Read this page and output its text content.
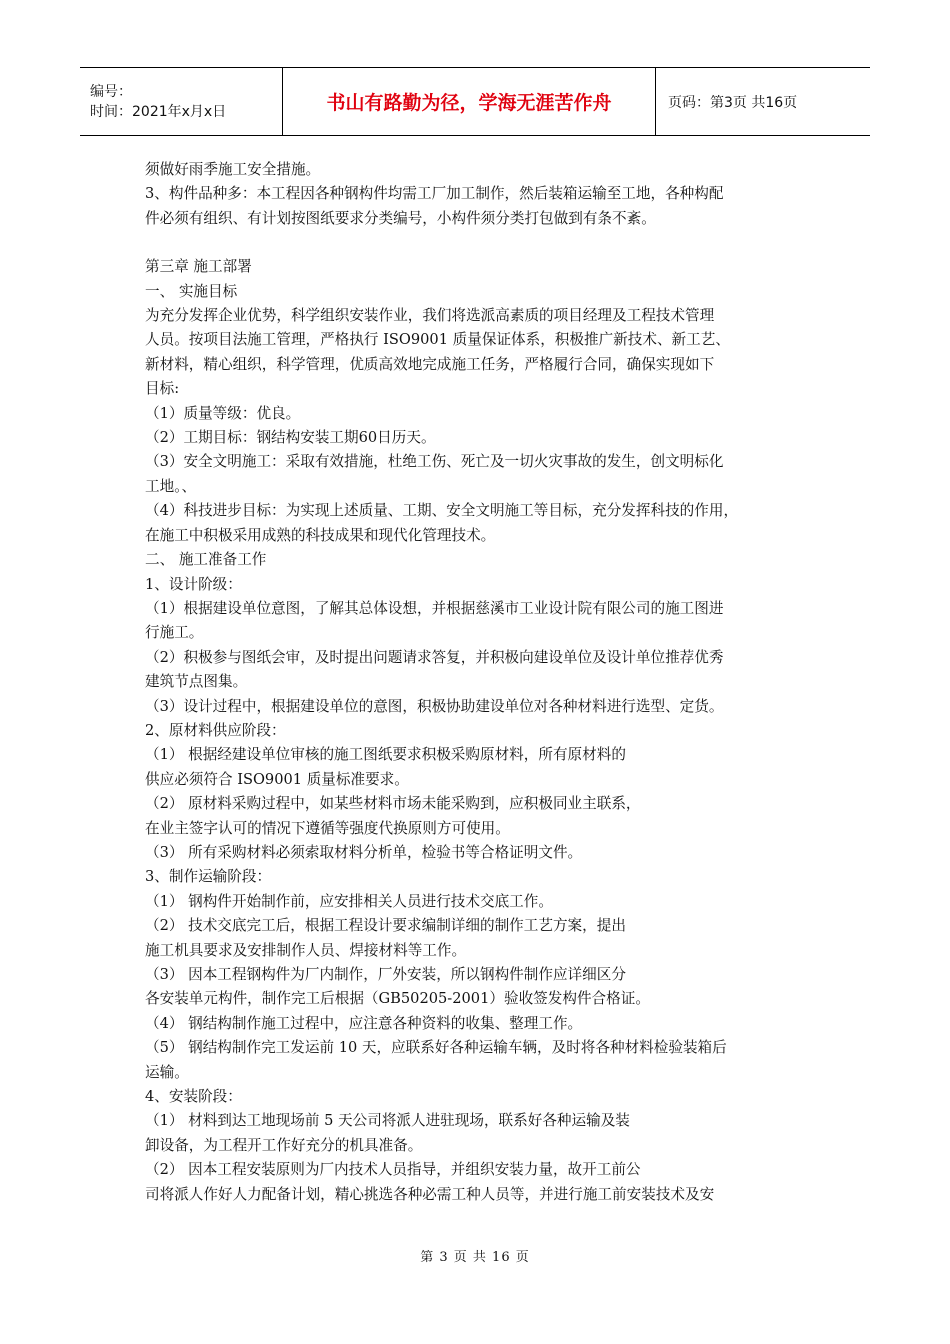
编号：
时间：2021年x月x日	书山有路勤为径，学海无涯苦作舟	页码：第3页 共16页

须做好雨季施工安全措施。

3、构件品种多：本工程因各种钢构件均需工厂加工制作，然后装箱运输至工地，各种构配

件必须有组织、有计划按图纸要求分类编号，小构件须分类打包做到有条不紊。

第三章 施工部署

一、 实施目标

为充分发挥企业优势，科学组织安装作业，我们将选派高素质的项目经理及工程技术管理

人员。按项目法施工管理，严格执行 ISO9001 质量保证体系，积极推广新技术、新工艺、

新材料，精心组织，科学管理，优质高效地完成施工任务，严格履行合同，确保实现如下

目标:

（1）质量等级：优良。

（2）工期目标：钢结构安装工期60日历天。

（3）安全文明施工：采取有效措施，杜绝工伤、死亡及一切火灾事故的发生，创文明标化

工地。、

（4）科技进步目标：为实现上述质量、工期、安全文明施工等目标，充分发挥科技的作用，

在施工中积极采用成熟的科技成果和现代化管理技术。

二、 施工准备工作

1、设计阶级：

（1）根据建设单位意图，了解其总体设想，并根据慈溪市工业设计院有限公司的施工图进

行施工。

（2）积极参与图纸会审，及时提出问题请求答复，并积极向建设单位及设计单位推荐优秀

建筑节点图集。

（3）设计过程中，根据建设单位的意图，积极协助建设单位对各种材料进行选型、定货。

2、原材料供应阶段：

（1） 根据经建设单位审核的施工图纸要求积极采购原材料，所有原材料的

供应必须符合 ISO9001 质量标准要求。

（2） 原材料采购过程中，如某些材料市场未能采购到，应积极同业主联系，

在业主签字认可的情况下遵循等强度代换原则方可使用。

（3） 所有采购材料必须索取材料分析单，检验书等合格证明文件。

3、制作运输阶段：

（1） 钢构件开始制作前，应安排相关人员进行技术交底工作。

（2） 技术交底完工后，根据工程设计要求编制详细的制作工艺方案，提出

施工机具要求及安排制作人员、焊接材料等工作。

（3） 因本工程钢构件为厂内制作，厂外安装，所以钢构件制作应详细区分

各安装单元构件，制作完工后根据（GB50205-2001）验收签发构件合格证。

（4） 钢结构制作施工过程中，应注意各种资料的收集、整理工作。

（5） 钢结构制作完工发运前 10 天，应联系好各种运输车辆，及时将各种材料检验装箱后

运输。

4、安装阶段：

（1） 材料到达工地现场前 5 天公司将派人进驻现场，联系好各种运输及装

卸设备，为工程开工作好充分的机具准备。

（2） 因本工程安装原则为厂内技术人员指导，并组织安装力量，故开工前公

司将派人作好人力配备计划，精心挑选各种必需工种人员等，并进行施工前安装技术及安

第 3 页 共 16 页
